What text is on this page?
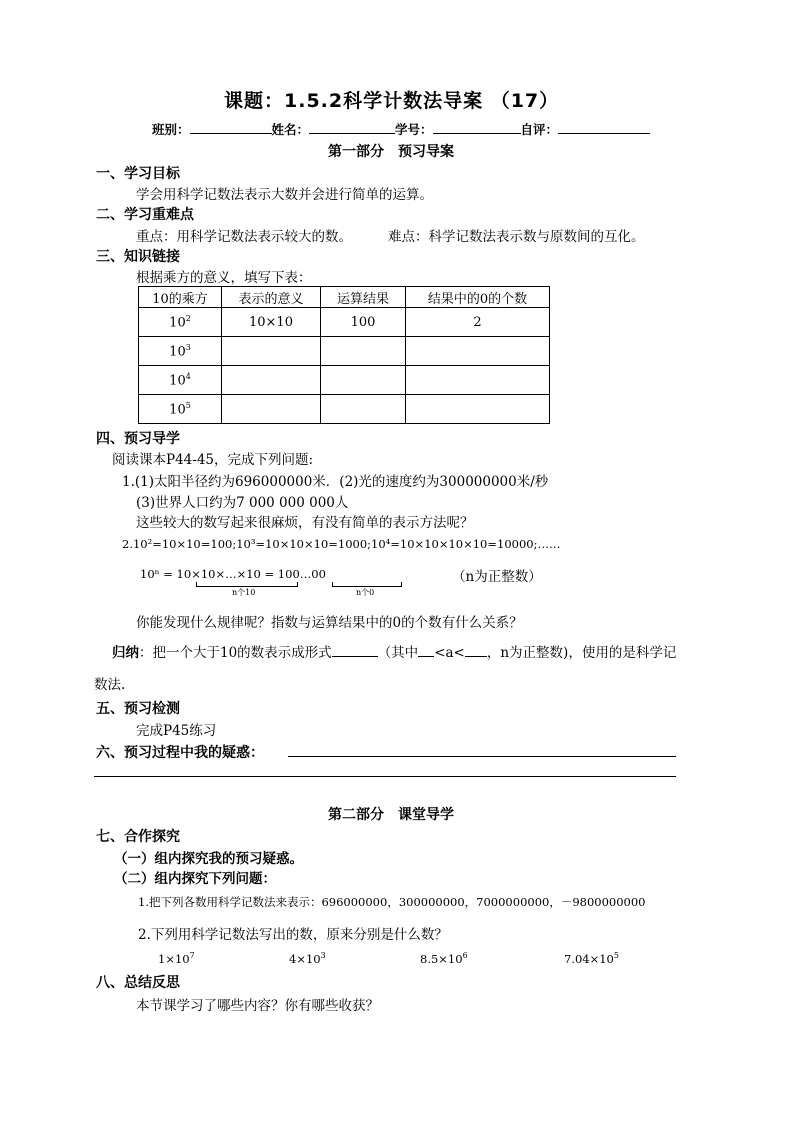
课题：1.5.2科学计数法导案 （17）
班别：	姓名：	学号：	自评：
第一部分　预习导案
一、学习目标
学会用科学记数法表示大数并会进行简单的运算。
二、学习重难点
重点：用科学记数法表示较大的数。	难点：科学记数法表示数与原数间的互化。
三、知识链接
根据乘方的意义，填写下表：
10的乘方	表示的意义	运算结果	结果中的0的个数
$10^2$	10×10	100	2
$10^3$			
$10^4$			
$10^5$			
四、预习导学
阅读课本P44-45，完成下列问题:
1.(1)太阳半径约为696000000米．(2)光的速度约为300000000米/秒
(3)世界人口约为7 000 000 000人
这些较大的数写起来很麻烦，有没有简单的表示方法呢？
2.10²=10×10=100;10³=10×10×10=1000;10⁴=10×10×10×10=10000;……
10ⁿ = 10×10×…×10 = 100…00
n个10	n个0
（n为正整数）
你能发现什么规律呢？指数与运算结果中的0的个数有什么关系？
归纳：把一个大于10的数表示成形式	（其中 <a< ，n为正整数)，使用的是科学记
数法.
五、预习检测
完成P45练习
六、预习过程中我的疑惑：
第二部分　课堂导学
七、合作探究
（一）组内探究我的预习疑惑。
（二）组内探究下列问题：
1.把下列各数用科学记数法来表示：696000000，300000000，7000000000，－9800000000
2.下列用科学记数法写出的数，原来分别是什么数？
$1\times 10^7$	$4\times 10^3$	$8.5\times 10^6$	$7.04\times 10^5$
八、总结反思
本节课学习了哪些内容？你有哪些收获？
